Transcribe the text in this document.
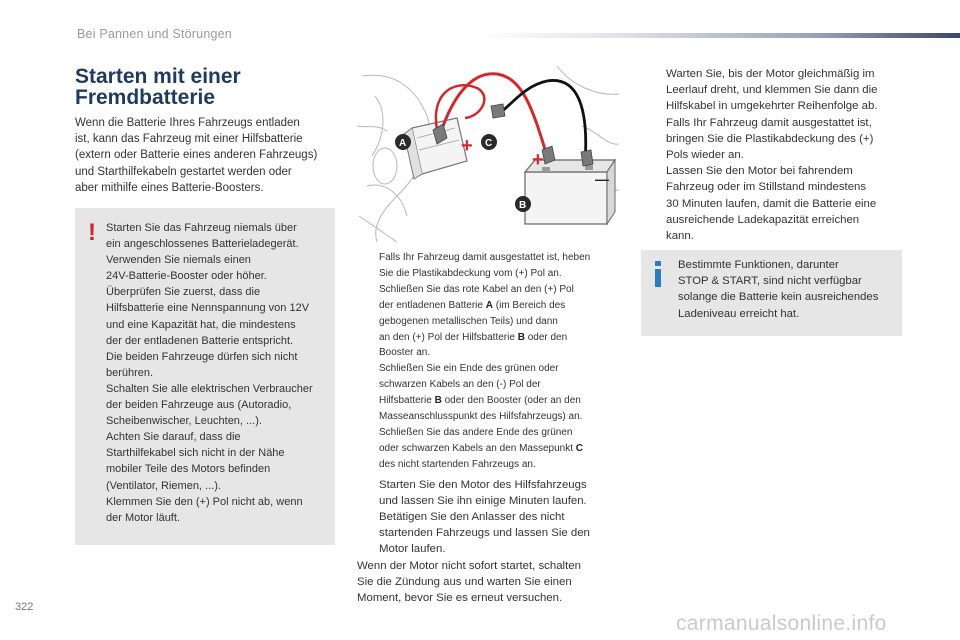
Bei Pannen und Störungen
Starten mit einer
Fremdbatterie
Wenn die Batterie Ihres Fahrzeugs entladen
ist, kann das Fahrzeug mit einer Hilfsbatterie
(extern oder Batterie eines anderen Fahrzeugs)
und Starthilfekabeln gestartet werden oder
aber mithilfe eines Batterie-Boosters.
! Starten Sie das Fahrzeug niemals über
ein angeschlossenes Batterieladegerät.
Verwenden Sie niemals einen
24V-Batterie-Booster oder höher.
Überprüfen Sie zuerst, dass die
Hilfsbatterie eine Nennspannung von 12V
und eine Kapazität hat, die mindestens
der der entladenen Batterie entspricht.
Die beiden Fahrzeuge dürfen sich nicht
berühren.
Schalten Sie alle elektrischen Verbraucher
der beiden Fahrzeuge aus (Autoradio,
Scheibenwischer, Leuchten, ...).
Achten Sie darauf, dass die
Starthilfekabel sich nicht in der Nähe
mobiler Teile des Motors befinden
(Ventilator, Riemen, ...).
Klemmen Sie den (+) Pol nicht ab, wenn
der Motor läuft.
+
+
—
A	C
B
Falls Ihr Fahrzeug damit ausgestattet ist, heben
Sie die Plastikabdeckung vom (+) Pol an.
Schließen Sie das rote Kabel an den (+) Pol
der entladenen Batterie A (im Bereich des
gebogenen metallischen Teils) und dann
an den (+) Pol der Hilfsbatterie B oder den
Booster an.
Schließen Sie ein Ende des grünen oder
schwarzen Kabels an den (-) Pol der
Hilfsbatterie B oder den Booster (oder an den
Masseanschlusspunkt des Hilfsfahrzeugs) an.
Schließen Sie das andere Ende des grünen
oder schwarzen Kabels an den Massepunkt C
des nicht startenden Fahrzeugs an.
Starten Sie den Motor des Hilfsfahrzeugs
und lassen Sie ihn einige Minuten laufen.
Betätigen Sie den Anlasser des nicht
startenden Fahrzeugs und lassen Sie den
Motor laufen.
Wenn der Motor nicht sofort startet, schalten
Sie die Zündung aus und warten Sie einen
Moment, bevor Sie es erneut versuchen.
Warten Sie, bis der Motor gleichmäßig im
Leerlauf dreht, und klemmen Sie dann die
Hilfskabel in umgekehrter Reihenfolge ab.
Falls Ihr Fahrzeug damit ausgestattet ist,
bringen Sie die Plastikabdeckung des (+)
Pols wieder an.
Lassen Sie den Motor bei fahrendem
Fahrzeug oder im Stillstand mindestens
30 Minuten laufen, damit die Batterie eine
ausreichende Ladekapazität erreichen
kann.
Bestimmte Funktionen, darunter
STOP & START, sind nicht verfügbar
solange die Batterie kein ausreichendes
Ladeniveau erreicht hat.
322
carmanualsonline.info
